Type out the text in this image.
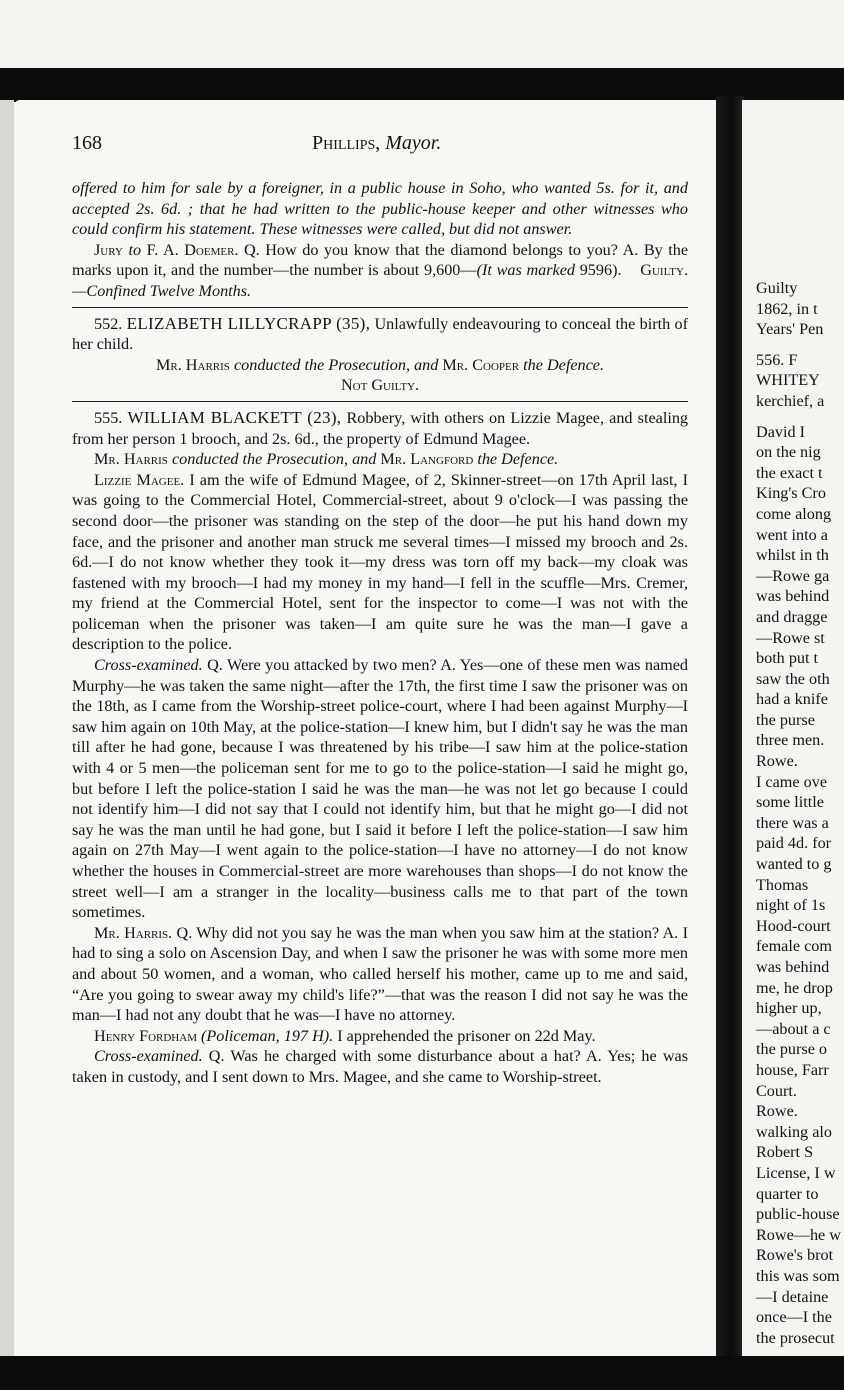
Guilty
1862, in t
Years' Pen
556. F
WHITEY
kerchief, a
David I
on the nig
the exact t
King's Cro
come along
went into a
whilst in th
—Rowe ga
was behind
and dragge
—Rowe st
both put t
saw the oth
had a knife
the purse
three men.
Rowe.
I came ove
some little
there was a
paid 4d. for
wanted to g
Thomas
night of 1s
Hood-court
female com
was behind
me, he drop
higher up,
—about a c
the purse o
house, Farr
Court.
Rowe.
walking alo
Robert S
License, I w
quarter to
public-house
Rowe—he w
Rowe's brot
this was som
—I detaine
once—I the
the prosecut
168	Phillips, Mayor.

offered to him for sale by a foreigner, in a public house in Soho, who wanted 5s. for it, and accepted 2s. 6d. ; that he had written to the public-house keeper and other witnesses who could confirm his statement. These witnesses were called, but did not answer.

Jury to F. A. Doemer. Q. How do you know that the diamond belongs to you? A. By the marks upon it, and the number—the number is about 9,600—(It was marked 9596). Guilty.—Confined Twelve Months.

552. ELIZABETH LILLYCRAPP (35), Unlawfully endeavouring to conceal the birth of her child.

Mr. Harris conducted the Prosecution, and Mr. Cooper the Defence.

Not Guilty.

555. WILLIAM BLACKETT (23), Robbery, with others on Lizzie Magee, and stealing from her person 1 brooch, and 2s. 6d., the property of Edmund Magee.

Mr. Harris conducted the Prosecution, and Mr. Langford the Defence.

Lizzie Magee. I am the wife of Edmund Magee, of 2, Skinner-street—on 17th April last, I was going to the Commercial Hotel, Commercial-street, about 9 o'clock—I was passing the second door—the prisoner was standing on the step of the door—he put his hand down my face, and the prisoner and another man struck me several times—I missed my brooch and 2s. 6d.—I do not know whether they took it—my dress was torn off my back—my cloak was fastened with my brooch—I had my money in my hand—I fell in the scuffle—Mrs. Cremer, my friend at the Commercial Hotel, sent for the inspector to come—I was not with the policeman when the prisoner was taken—I am quite sure he was the man—I gave a description to the police.

Cross-examined. Q. Were you attacked by two men? A. Yes—one of these men was named Murphy—he was taken the same night—after the 17th, the first time I saw the prisoner was on the 18th, as I came from the Worship-street police-court, where I had been against Murphy—I saw him again on 10th May, at the police-station—I knew him, but I didn't say he was the man till after he had gone, because I was threatened by his tribe—I saw him at the police-station with 4 or 5 men—the policeman sent for me to go to the police-station—I said he might go, but before I left the police-station I said he was the man—he was not let go because I could not identify him—I did not say that I could not identify him, but that he might go—I did not say he was the man until he had gone, but I said it before I left the police-station—I saw him again on 27th May—I went again to the police-station—I have no attorney—I do not know whether the houses in Commercial-street are more warehouses than shops—I do not know the street well—I am a stranger in the locality—business calls me to that part of the town sometimes.

Mr. Harris. Q. Why did not you say he was the man when you saw him at the station? A. I had to sing a solo on Ascension Day, and when I saw the prisoner he was with some more men and about 50 women, and a woman, who called herself his mother, came up to me and said, “Are you going to swear away my child's life?”—that was the reason I did not say he was the man—I had not any doubt that he was—I have no attorney.

Henry Fordham (Policeman, 197 H). I apprehended the prisoner on 22d May.

Cross-examined. Q. Was he charged with some disturbance about a hat? A. Yes; he was taken in custody, and I sent down to Mrs. Magee, and she came to Worship-street.
